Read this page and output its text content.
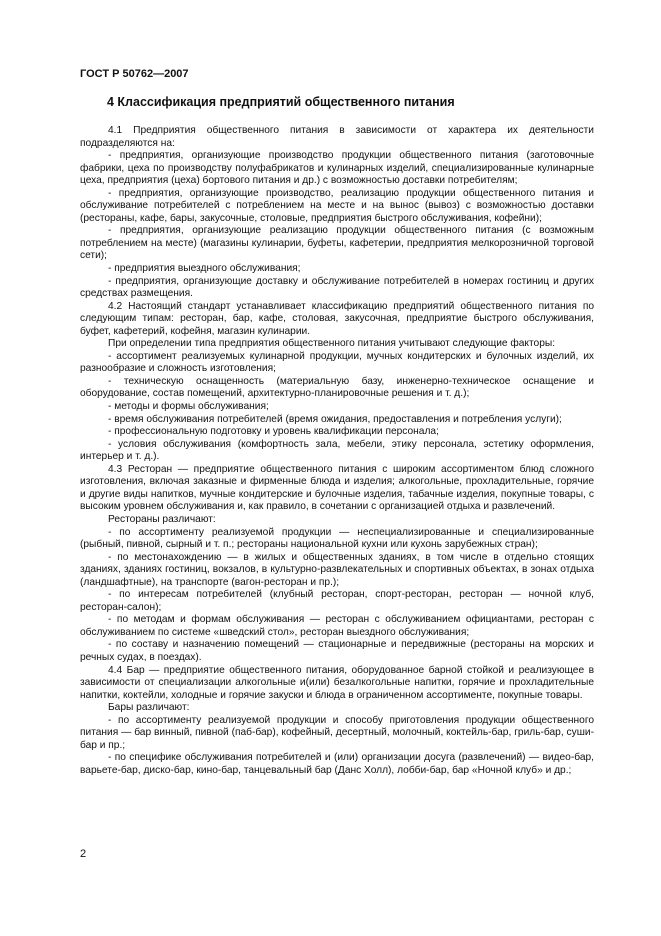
ГОСТ Р 50762—2007
4 Классификация предприятий общественного питания

4.1 Предприятия общественного питания в зависимости от характера их деятельности подразделяются на:

- предприятия, организующие производство продукции общественного питания (заготовочные фабрики, цеха по производству полуфабрикатов и кулинарных изделий, специализированные кулинарные цеха, предприятия (цеха) бортового питания и др.) с возможностью доставки потребителям;

- предприятия, организующие производство, реализацию продукции общественного питания и обслуживание потребителей с потреблением на месте и на вынос (вывоз) с возможностью доставки (рестораны, кафе, бары, закусочные, столовые, предприятия быстрого обслуживания, кофейни);

- предприятия, организующие реализацию продукции общественного питания (с возможным потреблением на месте) (магазины кулинарии, буфеты, кафетерии, предприятия мелкорозничной торговой сети);

- предприятия выездного обслуживания;

- предприятия, организующие доставку и обслуживание потребителей в номерах гостиниц и других средствах размещения.

4.2 Настоящий стандарт устанавливает классификацию предприятий общественного питания по следующим типам: ресторан, бар, кафе, столовая, закусочная, предприятие быстрого обслуживания, буфет, кафетерий, кофейня, магазин кулинарии.

При определении типа предприятия общественного питания учитывают следующие факторы:

- ассортимент реализуемых кулинарной продукции, мучных кондитерских и булочных изделий, их разнообразие и сложность изготовления;

- техническую оснащенность (материальную базу, инженерно-техническое оснащение и оборудование, состав помещений, архитектурно-планировочные решения и т. д.);

- методы и формы обслуживания;

- время обслуживания потребителей (время ожидания, предоставления и потребления услуги);

- профессиональную подготовку и уровень квалификации персонала;

- условия обслуживания (комфортность зала, мебели, этику персонала, эстетику оформления, интерьер и т. д.).

4.3 Ресторан — предприятие общественного питания с широким ассортиментом блюд сложного изготовления, включая заказные и фирменные блюда и изделия; алкогольные, прохладительные, горячие и другие виды напитков, мучные кондитерские и булочные изделия, табачные изделия, покупные товары, с высоким уровнем обслуживания и, как правило, в сочетании с организацией отдыха и развлечений.

Рестораны различают:

- по ассортименту реализуемой продукции — неспециализированные и специализированные (рыбный, пивной, сырный и т. п.; рестораны национальной кухни или кухонь зарубежных стран);

- по местонахождению — в жилых и общественных зданиях, в том числе в отдельно стоящих зданиях, зданиях гостиниц, вокзалов, в культурно-развлекательных и спортивных объектах, в зонах отдыха (ландшафтные), на транспорте (вагон-ресторан и пр.);

- по интересам потребителей (клубный ресторан, спорт-ресторан, ресторан — ночной клуб, ресторан-салон);

- по методам и формам обслуживания — ресторан с обслуживанием официантами, ресторан с обслуживанием по системе «шведский стол», ресторан выездного обслуживания;

- по составу и назначению помещений — стационарные и передвижные (рестораны на морских и речных судах, в поездах).

4.4 Бар — предприятие общественного питания, оборудованное барной стойкой и реализующее в зависимости от специализации алкогольные и(или) безалкогольные напитки, горячие и прохладительные напитки, коктейли, холодные и горячие закуски и блюда в ограниченном ассортименте, покупные товары.

Бары различают:

- по ассортименту реализуемой продукции и способу приготовления продукции общественного питания — бар винный, пивной (паб-бар), кофейный, десертный, молочный, коктейль-бар, гриль-бар, суши-бар и пр.;

- по специфике обслуживания потребителей и (или) организации досуга (развлечений) — видео-бар, варьете-бар, диско-бар, кино-бар, танцевальный бар (Данс Холл), лобби-бар, бар «Ночной клуб» и др.;

2
